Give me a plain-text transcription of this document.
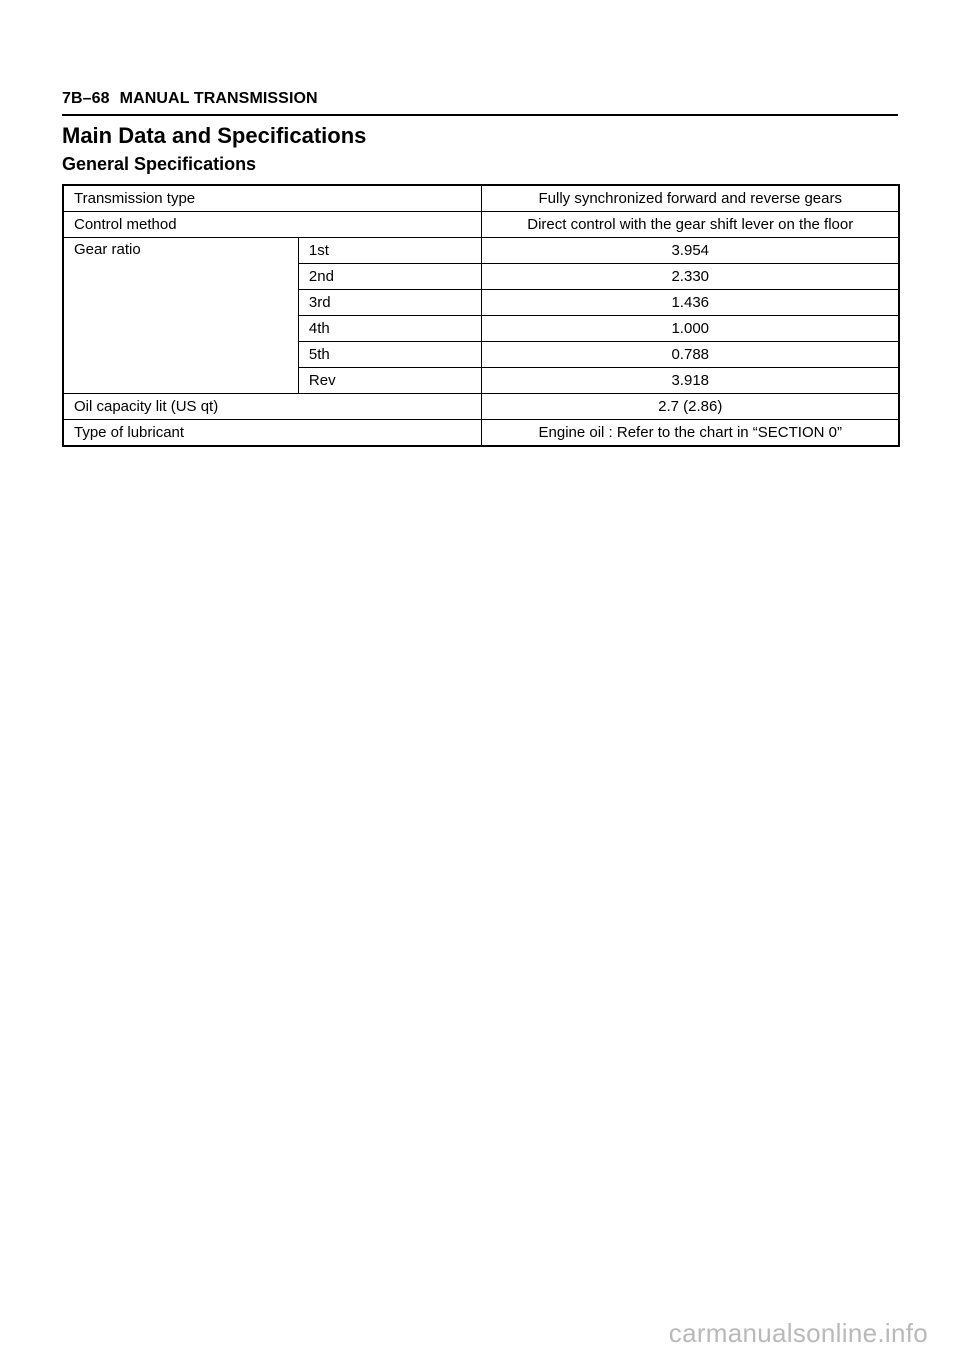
7B–68 MANUAL TRANSMISSION
Main Data and Specifications
General Specifications
Transmission type		Fully synchronized forward and reverse gears
Control method		Direct control with the gear shift lever on the floor
Gear ratio	1st	3.954
	2nd	2.330
	3rd	1.436
	4th	1.000
	5th	0.788
	Rev	3.918
Oil capacity lit (US qt)		2.7 (2.86)
Type of lubricant		Engine oil : Refer to the chart in “SECTION 0”
carmanualsonline.info
